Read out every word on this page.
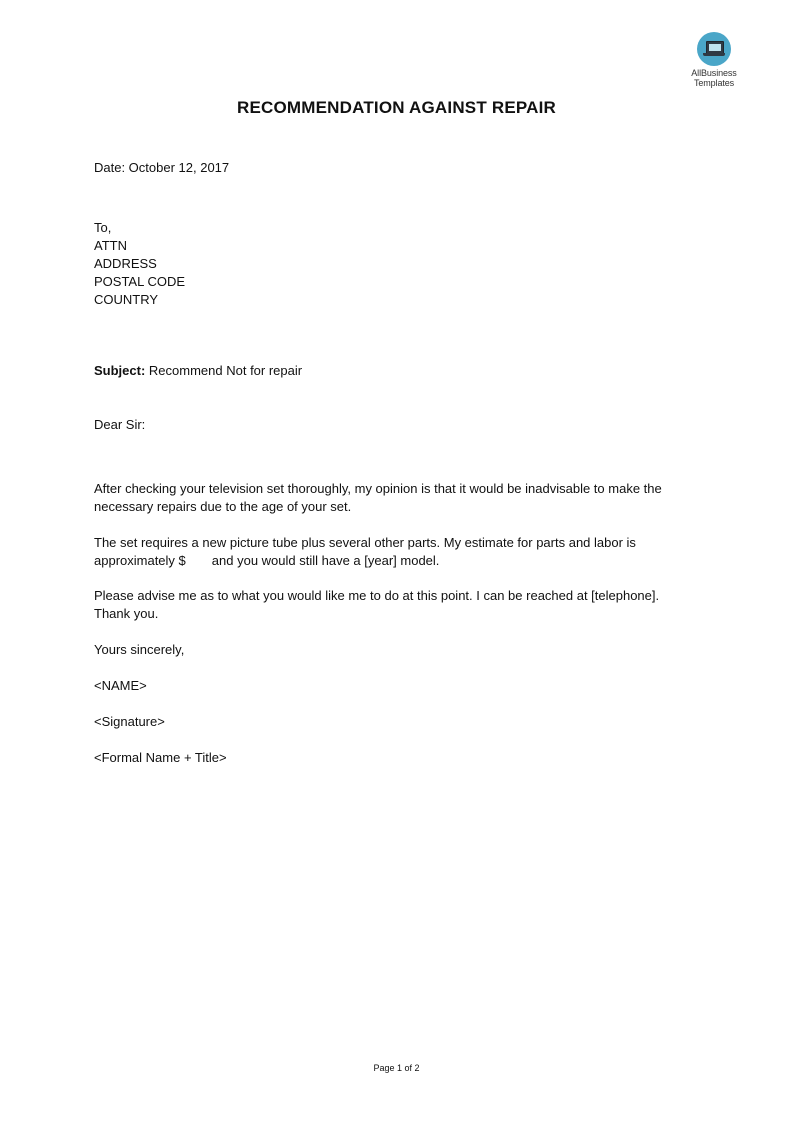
AllBusiness
Templates
RECOMMENDATION AGAINST REPAIR
Date: October 12, 2017
To,
ATTN
ADDRESS
POSTAL CODE
COUNTRY
Subject: Recommend Not for repair
Dear Sir:
After checking your television set thoroughly, my opinion is that it would be inadvisable to make the
necessary repairs due to the age of your set.
The set requires a new picture tube plus several other parts. My estimate for parts and labor is
approximately $ and you would still have a [year] model.
Please advise me as to what you would like me to do at this point. I can be reached at [telephone].
Thank you.
Yours sincerely,
<NAME>
<Signature>
<Formal Name + Title>
Page 1 of 2
